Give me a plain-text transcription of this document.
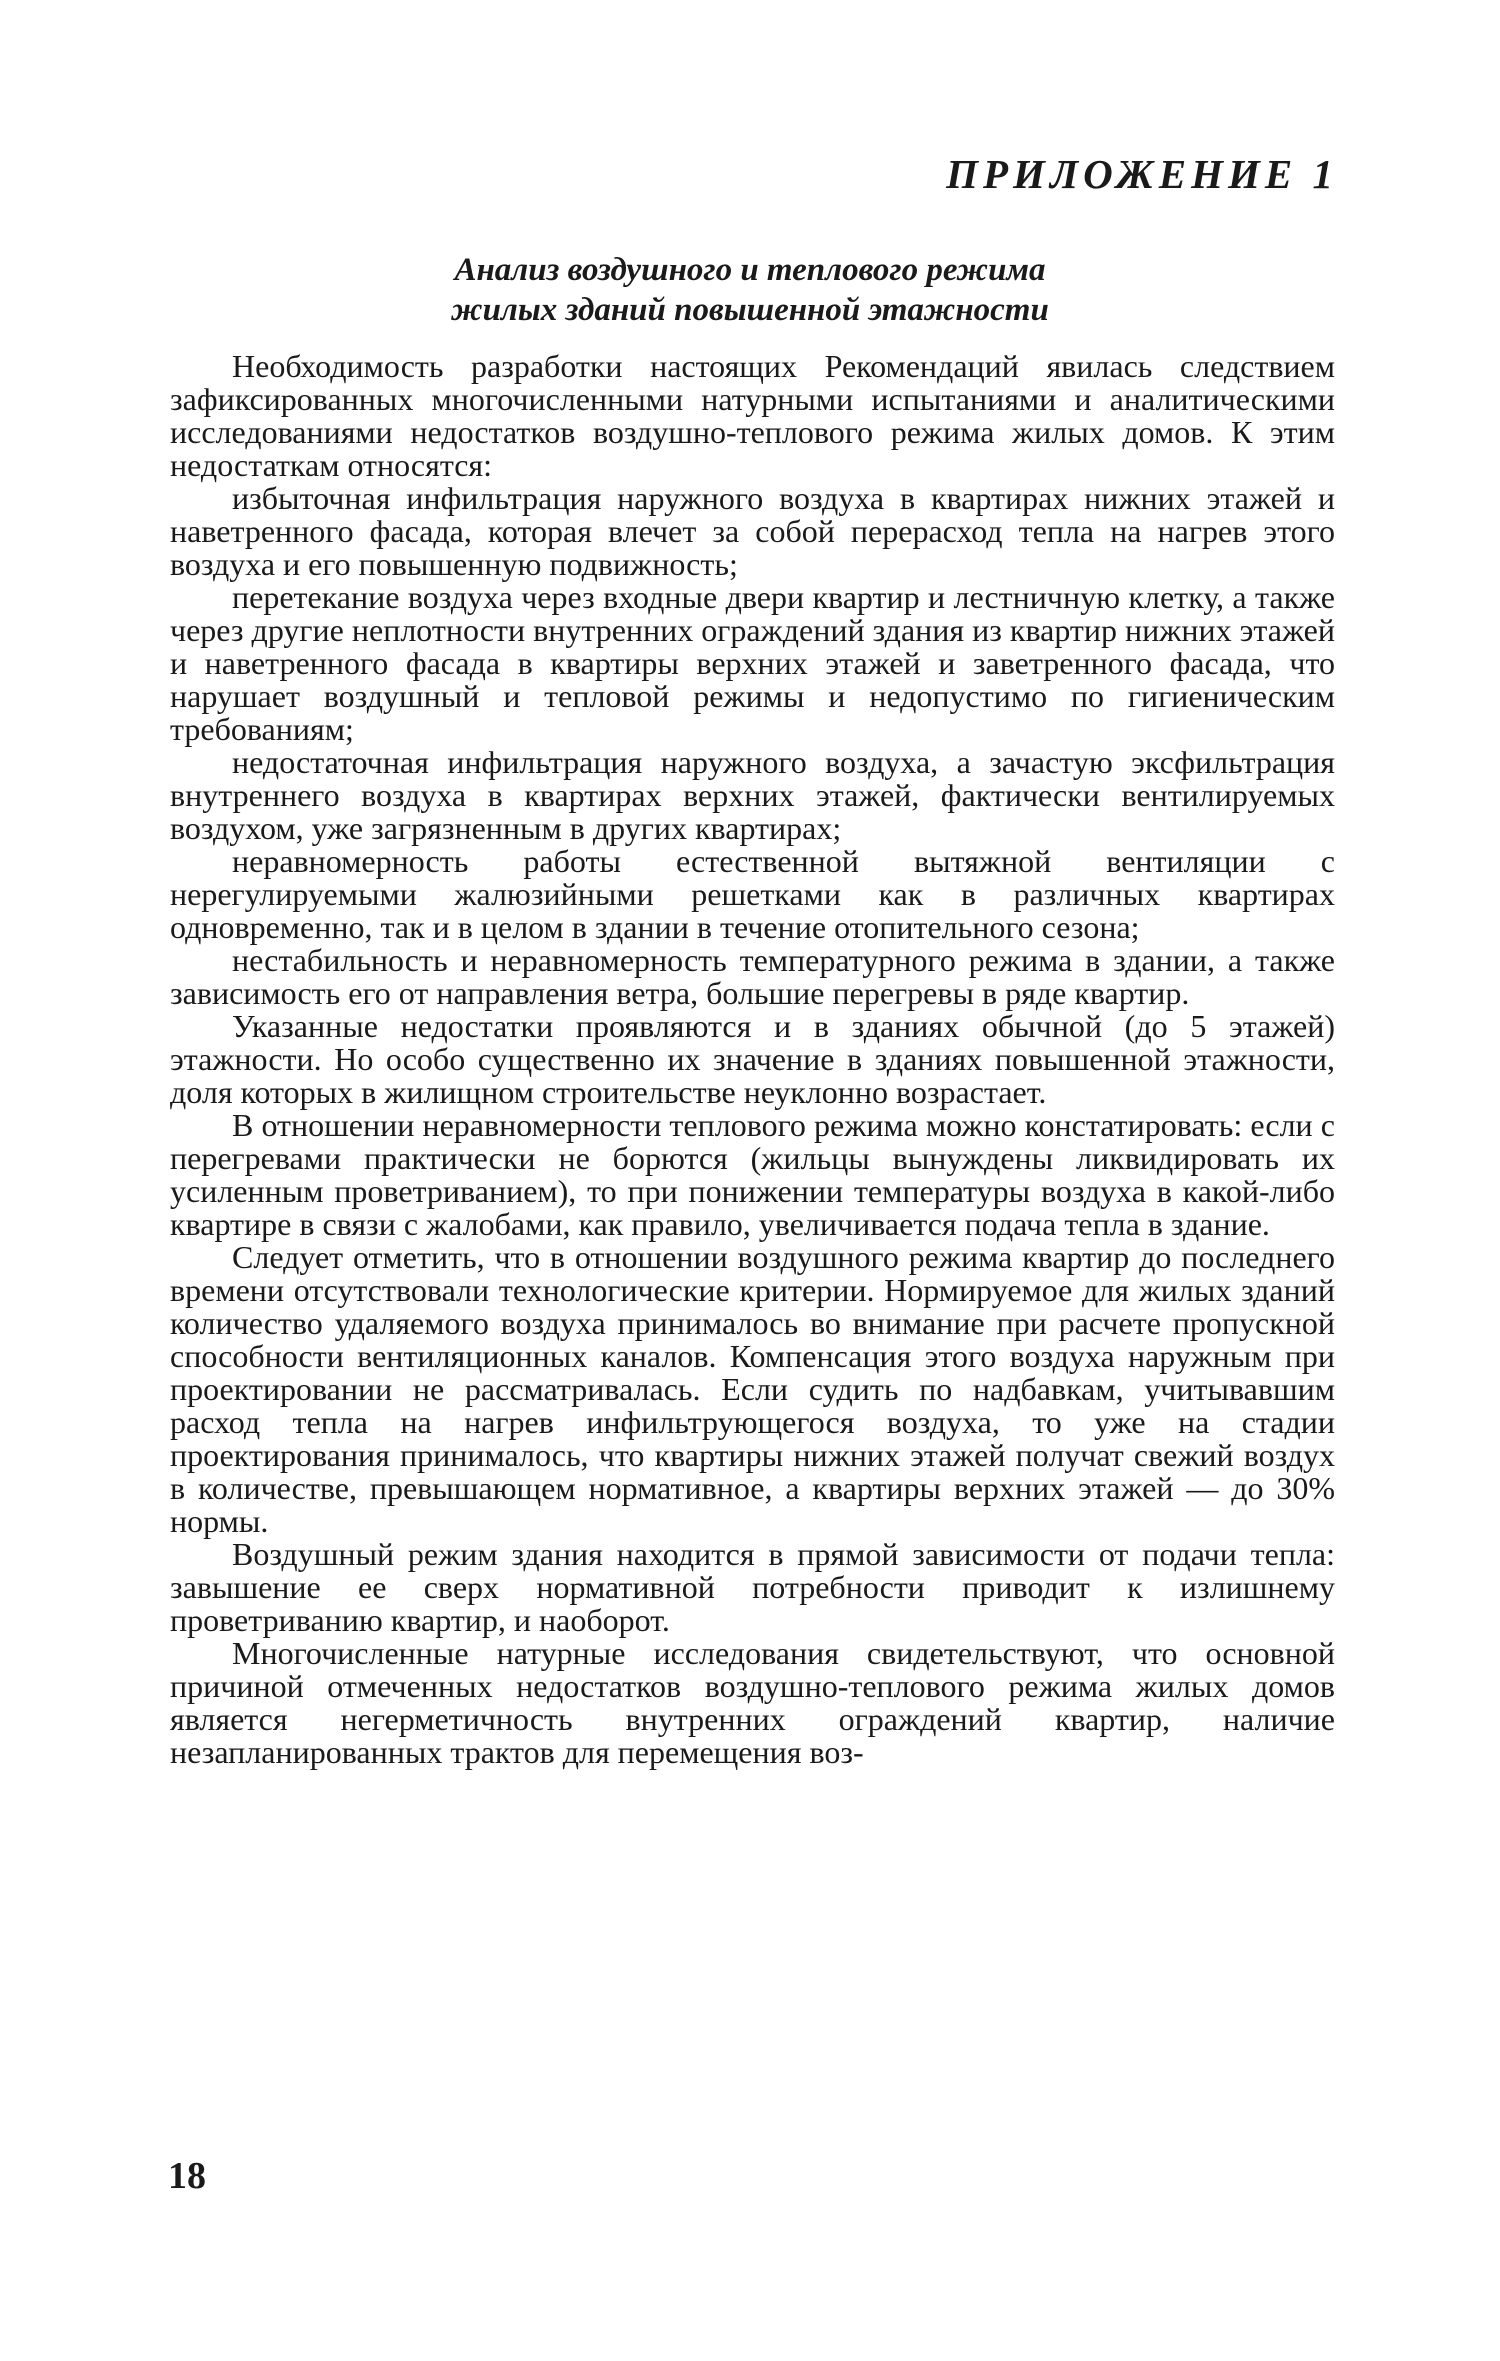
ПРИЛОЖЕНИЕ 1
Анализ воздушного и теплового режима
жилых зданий повышенной этажности

Необходимость разработки настоящих Рекомендаций явилась следствием зафиксированных многочисленными натурными испытаниями и аналитическими исследованиями недостатков воздушно-теплового режима жилых домов. К этим недостаткам относятся:

избыточная инфильтрация наружного воздуха в квартирах нижних этажей и наветренного фасада, которая влечет за собой перерасход тепла на нагрев этого воздуха и его повышенную подвижность;

перетекание воздуха через входные двери квартир и лестничную клетку, а также через другие неплотности внутренних ограждений здания из квартир нижних этажей и наветренного фасада в квартиры верхних этажей и заветренного фасада, что нарушает воздушный и тепловой режимы и недопустимо по гигиеническим требованиям;

недостаточная инфильтрация наружного воздуха, а зачастую эксфильтрация внутреннего воздуха в квартирах верхних этажей, фактически вентилируемых воздухом, уже загрязненным в других квартирах;

неравномерность работы естественной вытяжной вентиляции с нерегулируемыми жалюзийными решетками как в различных квартирах одновременно, так и в целом в здании в течение отопительного сезона;

нестабильность и неравномерность температурного режима в здании, а также зависимость его от направления ветра, большие перегревы в ряде квартир.

Указанные недостатки проявляются и в зданиях обычной (до 5 этажей) этажности. Но особо существенно их значение в зданиях повышенной этажности, доля которых в жилищном строительстве неуклонно возрастает.

В отношении неравномерности теплового режима можно констатировать: если с перегревами практически не борются (жильцы вынуждены ликвидировать их усиленным проветриванием), то при понижении температуры воздуха в какой-либо квартире в связи с жалобами, как правило, увеличивается подача тепла в здание.

Следует отметить, что в отношении воздушного режима квартир до последнего времени отсутствовали технологические критерии. Нормируемое для жилых зданий количество удаляемого воздуха принималось во внимание при расчете пропускной способности вентиляционных каналов. Компенсация этого воздуха наружным при проектировании не рассматривалась. Если судить по надбавкам, учитывавшим расход тепла на нагрев инфильтрующегося воздуха, то уже на стадии проектирования принималось, что квартиры нижних этажей получат свежий воздух в количестве, превышающем нормативное, а квартиры верхних этажей — до 30% нормы.

Воздушный режим здания находится в прямой зависимости от подачи тепла: завышение ее сверх нормативной потребности приводит к излишнему проветриванию квартир, и наоборот.

Многочисленные натурные исследования свидетельствуют, что основной причиной отмеченных недостатков воздушно-теплового режима жилых домов является негерметичность внутренних ограждений квартир, наличие незапланированных трактов для перемещения воз-

18
